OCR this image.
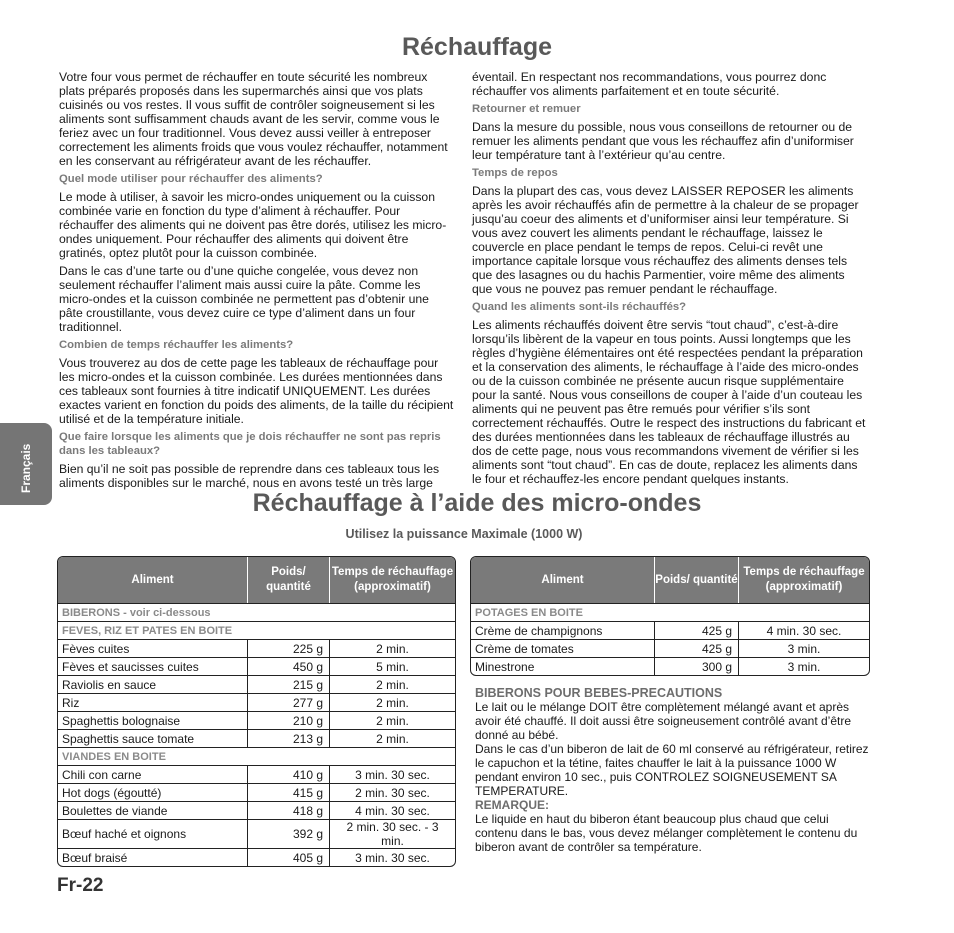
Réchauffage

Votre four vous permet de réchauffer en toute sécurité les nombreux plats préparés proposés dans les supermarchés ainsi que vos plats cuisinés ou vos restes. Il vous suffit de contrôler soigneusement si les aliments sont suffisamment chauds avant de les servir, comme vous le feriez avec un four traditionnel. Vous devez aussi veiller à entreposer correctement les aliments froids que vous voulez réchauffer, notamment en les conservant au réfrigérateur avant de les réchauffer.

Quel mode utiliser pour réchauffer des aliments?

Le mode à utiliser, à savoir les micro-ondes uniquement ou la cuisson combinée varie en fonction du type d’aliment à réchauffer. Pour réchauffer des aliments qui ne doivent pas être dorés, utilisez les micro-ondes uniquement. Pour réchauffer des aliments qui doivent être gratinés, optez plutôt pour la cuisson combinée.

Dans le cas d’une tarte ou d’une quiche congelée, vous devez non seulement réchauffer l’aliment mais aussi cuire la pâte. Comme les micro-ondes et la cuisson combinée ne permettent pas d’obtenir une pâte croustillante, vous devez cuire ce type d’aliment dans un four traditionnel.

Combien de temps réchauffer les aliments?

Vous trouverez au dos de cette page les tableaux de réchauffage pour les micro-ondes et la cuisson combinée. Les durées mentionnées dans ces tableaux sont fournies à titre indicatif UNIQUEMENT. Les durées exactes varient en fonction du poids des aliments, de la taille du récipient utilisé et de la température initiale.

Que faire lorsque les aliments que je dois réchauffer ne sont pas repris dans les tableaux?

Bien qu’il ne soit pas possible de reprendre dans ces tableaux tous les aliments disponibles sur le marché, nous en avons testé un très large

éventail. En respectant nos recommandations, vous pourrez donc réchauffer vos aliments parfaitement et en toute sécurité.

Retourner et remuer

Dans la mesure du possible, nous vous conseillons de retourner ou de remuer les aliments pendant que vous les réchauffez afin d’uniformiser leur température tant à l’extérieur qu’au centre.

Temps de repos

Dans la plupart des cas, vous devez LAISSER REPOSER les aliments après les avoir réchauffés afin de permettre à la chaleur de se propager jusqu’au coeur des aliments et d’uniformiser ainsi leur température. Si vous avez couvert les aliments pendant le réchauffage, laissez le couvercle en place pendant le temps de repos. Celui-ci revêt une importance capitale lorsque vous réchauffez des aliments denses tels que des lasagnes ou du hachis Parmentier, voire même des aliments que vous ne pouvez pas remuer pendant le réchauffage.

Quand les aliments sont-ils réchauffés?

Les aliments réchauffés doivent être servis “tout chaud”, c’est-à-dire lorsqu’ils libèrent de la vapeur en tous points. Aussi longtemps que les règles d’hygiène élémentaires ont été respectées pendant la préparation et la conservation des aliments, le réchauffage à l’aide des micro-ondes ou de la cuisson combinée ne présente aucun risque supplémentaire pour la santé. Nous vous conseillons de couper à l’aide d’un couteau les aliments qui ne peuvent pas être remués pour vérifier s’ils sont correctement réchauffés. Outre le respect des instructions du fabricant et des durées mentionnées dans les tableaux de réchauffage illustrés au dos de cette page, nous vous recommandons vivement de vérifier si les aliments sont “tout chaud”. En cas de doute, replacez les aliments dans le four et réchauffez-les encore pendant quelques instants.

Français
Réchauffage à l’aide des micro-ondes
Utilisez la puissance Maximale (1000 W)
Aliment	Poids/ quantité	Temps de réchauffage (approximatif)
BIBERONS - voir ci-dessous		
FEVES, RIZ ET PATES EN BOITE		
Fèves cuites	225 g	2 min.
Fèves et saucisses cuites	450 g	5 min.
Raviolis en sauce	215 g	2 min.
Riz	277 g	2 min.
Spaghettis bolognaise	210 g	2 min.
Spaghettis sauce tomate	213 g	2 min.
VIANDES EN BOITE		
Chili con carne	410 g	3 min. 30 sec.
Hot dogs (égoutté)	415 g	2 min. 30 sec.
Boulettes de viande	418 g	4 min. 30 sec.
Bœuf haché et oignons	392 g	2 min. 30 sec. - 3 min.
Bœuf braisé	405 g	3 min. 30 sec.
Aliment	Poids/ quantité	Temps de réchauffage (approximatif)
POTAGES EN BOITE		
Crème de champignons	425 g	4 min. 30 sec.
Crème de tomates	425 g	3 min.
Minestrone	300 g	3 min.

BIBERONS POUR BEBES-PRECAUTIONS

Le lait ou le mélange DOIT être complètement mélangé avant et après avoir été chauffé. Il doit aussi être soigneusement contrôlé avant d’être donné au bébé.

Dans le cas d’un biberon de lait de 60 ml conservé au réfrigérateur, retirez le capuchon et la tétine, faites chauffer le lait à la puissance 1000 W pendant environ 10 sec., puis CONTROLEZ SOIGNEUSEMENT SA TEMPERATURE.

REMARQUE:

Le liquide en haut du biberon étant beaucoup plus chaud que celui contenu dans le bas, vous devez mélanger complètement le contenu du biberon avant de contrôler sa température.

Fr-22
